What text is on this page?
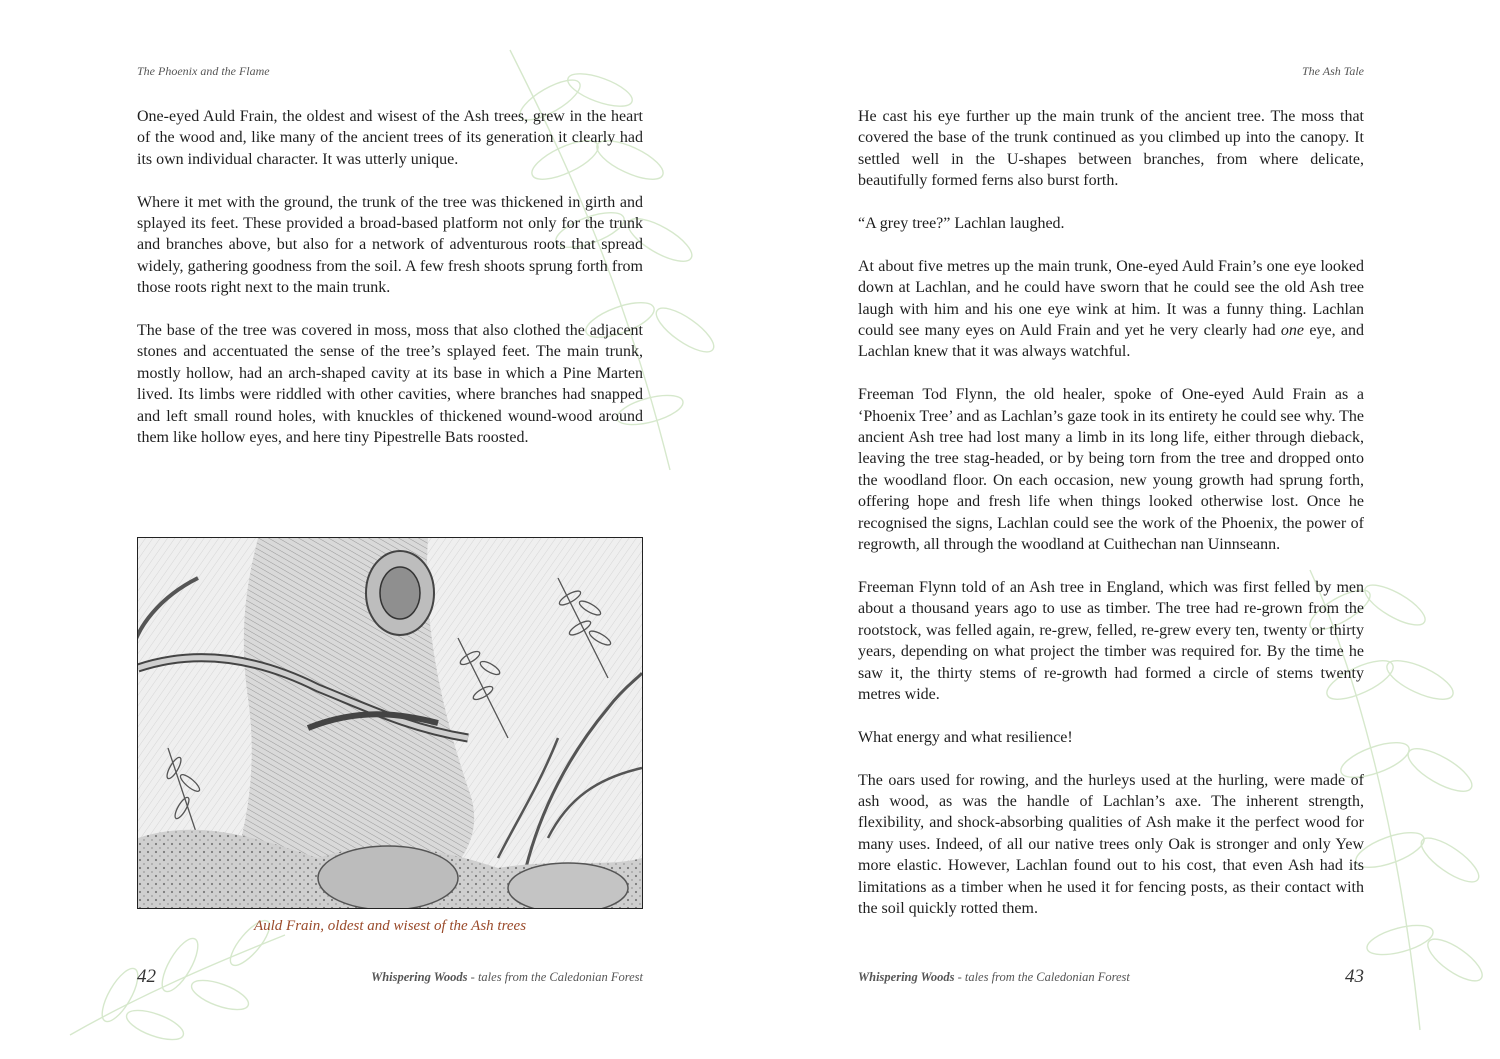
The Phoenix and the Flame

One-eyed Auld Frain, the oldest and wisest of the Ash trees, grew in the heart of the wood and, like many of the ancient trees of its generation it clearly had its own individual character. It was utterly unique.

Where it met with the ground, the trunk of the tree was thickened in girth and splayed its feet. These provided a broad-based platform not only for the trunk and branches above, but also for a network of adventurous roots that spread widely, gathering goodness from the soil. A few fresh shoots sprung forth from those roots right next to the main trunk.

The base of the tree was covered in moss, moss that also clothed the adjacent stones and accentuated the sense of the tree’s splayed feet. The main trunk, mostly hollow, had an arch-shaped cavity at its base in which a Pine Marten lived. Its limbs were riddled with other cavities, where branches had snapped and left small round holes, with knuckles of thickened wound-wood around them like hollow eyes, and here tiny Pipestrelle Bats roosted.

Auld Frain, oldest and wisest of the Ash trees
42	Whispering Woods - tales from the Caledonian Forest
The Ash Tale

He cast his eye further up the main trunk of the ancient tree. The moss that covered the base of the trunk continued as you climbed up into the canopy. It settled well in the U-shapes between branches, from where delicate, beautifully formed ferns also burst forth.

“A grey tree?” Lachlan laughed.

At about five metres up the main trunk, One-eyed Auld Frain’s one eye looked down at Lachlan, and he could have sworn that he could see the old Ash tree laugh with him and his one eye wink at him. It was a funny thing. Lachlan could see many eyes on Auld Frain and yet he very clearly had one eye, and Lachlan knew that it was always watchful.

Freeman Tod Flynn, the old healer, spoke of One-eyed Auld Frain as a ‘Phoenix Tree’ and as Lachlan’s gaze took in its entirety he could see why. The ancient Ash tree had lost many a limb in its long life, either through dieback, leaving the tree stag-headed, or by being torn from the tree and dropped onto the woodland floor. On each occasion, new young growth had sprung forth, offering hope and fresh life when things looked otherwise lost. Once he recognised the signs, Lachlan could see the work of the Phoenix, the power of regrowth, all through the woodland at Cuithechan nan Uinnseann.

Freeman Flynn told of an Ash tree in England, which was first felled by men about a thousand years ago to use as timber. The tree had re-grown from the rootstock, was felled again, re-grew, felled, re-grew every ten, twenty or thirty years, depending on what project the timber was required for. By the time he saw it, the thirty stems of re-growth had formed a circle of stems twenty metres wide.

What energy and what resilience!

The oars used for rowing, and the hurleys used at the hurling, were made of ash wood, as was the handle of Lachlan’s axe. The inherent strength, flexibility, and shock-absorbing qualities of Ash make it the perfect wood for many uses. Indeed, of all our native trees only Oak is stronger and only Yew more elastic. However, Lachlan found out to his cost, that even Ash had its limitations as a timber when he used it for fencing posts, as their contact with the soil quickly rotted them.

Whispering Woods - tales from the Caledonian Forest	43
